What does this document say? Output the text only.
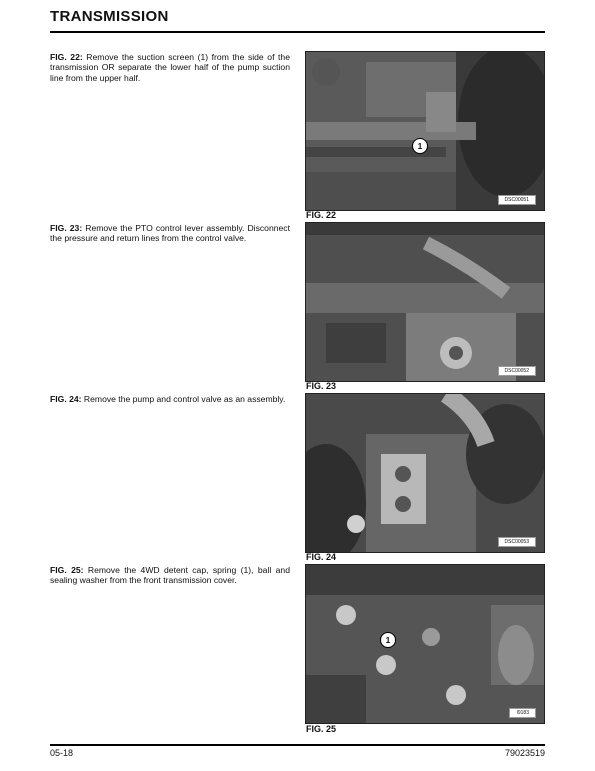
TRANSMISSION
FIG. 22: Remove the suction screen (1) from the side of the transmission OR separate the lower half of the pump suction line from the upper half.
DSC00051
1
FIG. 22
FIG. 23: Remove the PTO control lever assembly. Disconnect the pressure and return lines from the control valve.
DSC00052
FIG. 23
FIG. 24: Remove the pump and control valve as an assembly.
DSC00053
FIG. 24
FIG. 25: Remove the 4WD detent cap, spring (1), ball and sealing washer from the front transmission cover.
I9183
1
FIG. 25
05-18	79023519
